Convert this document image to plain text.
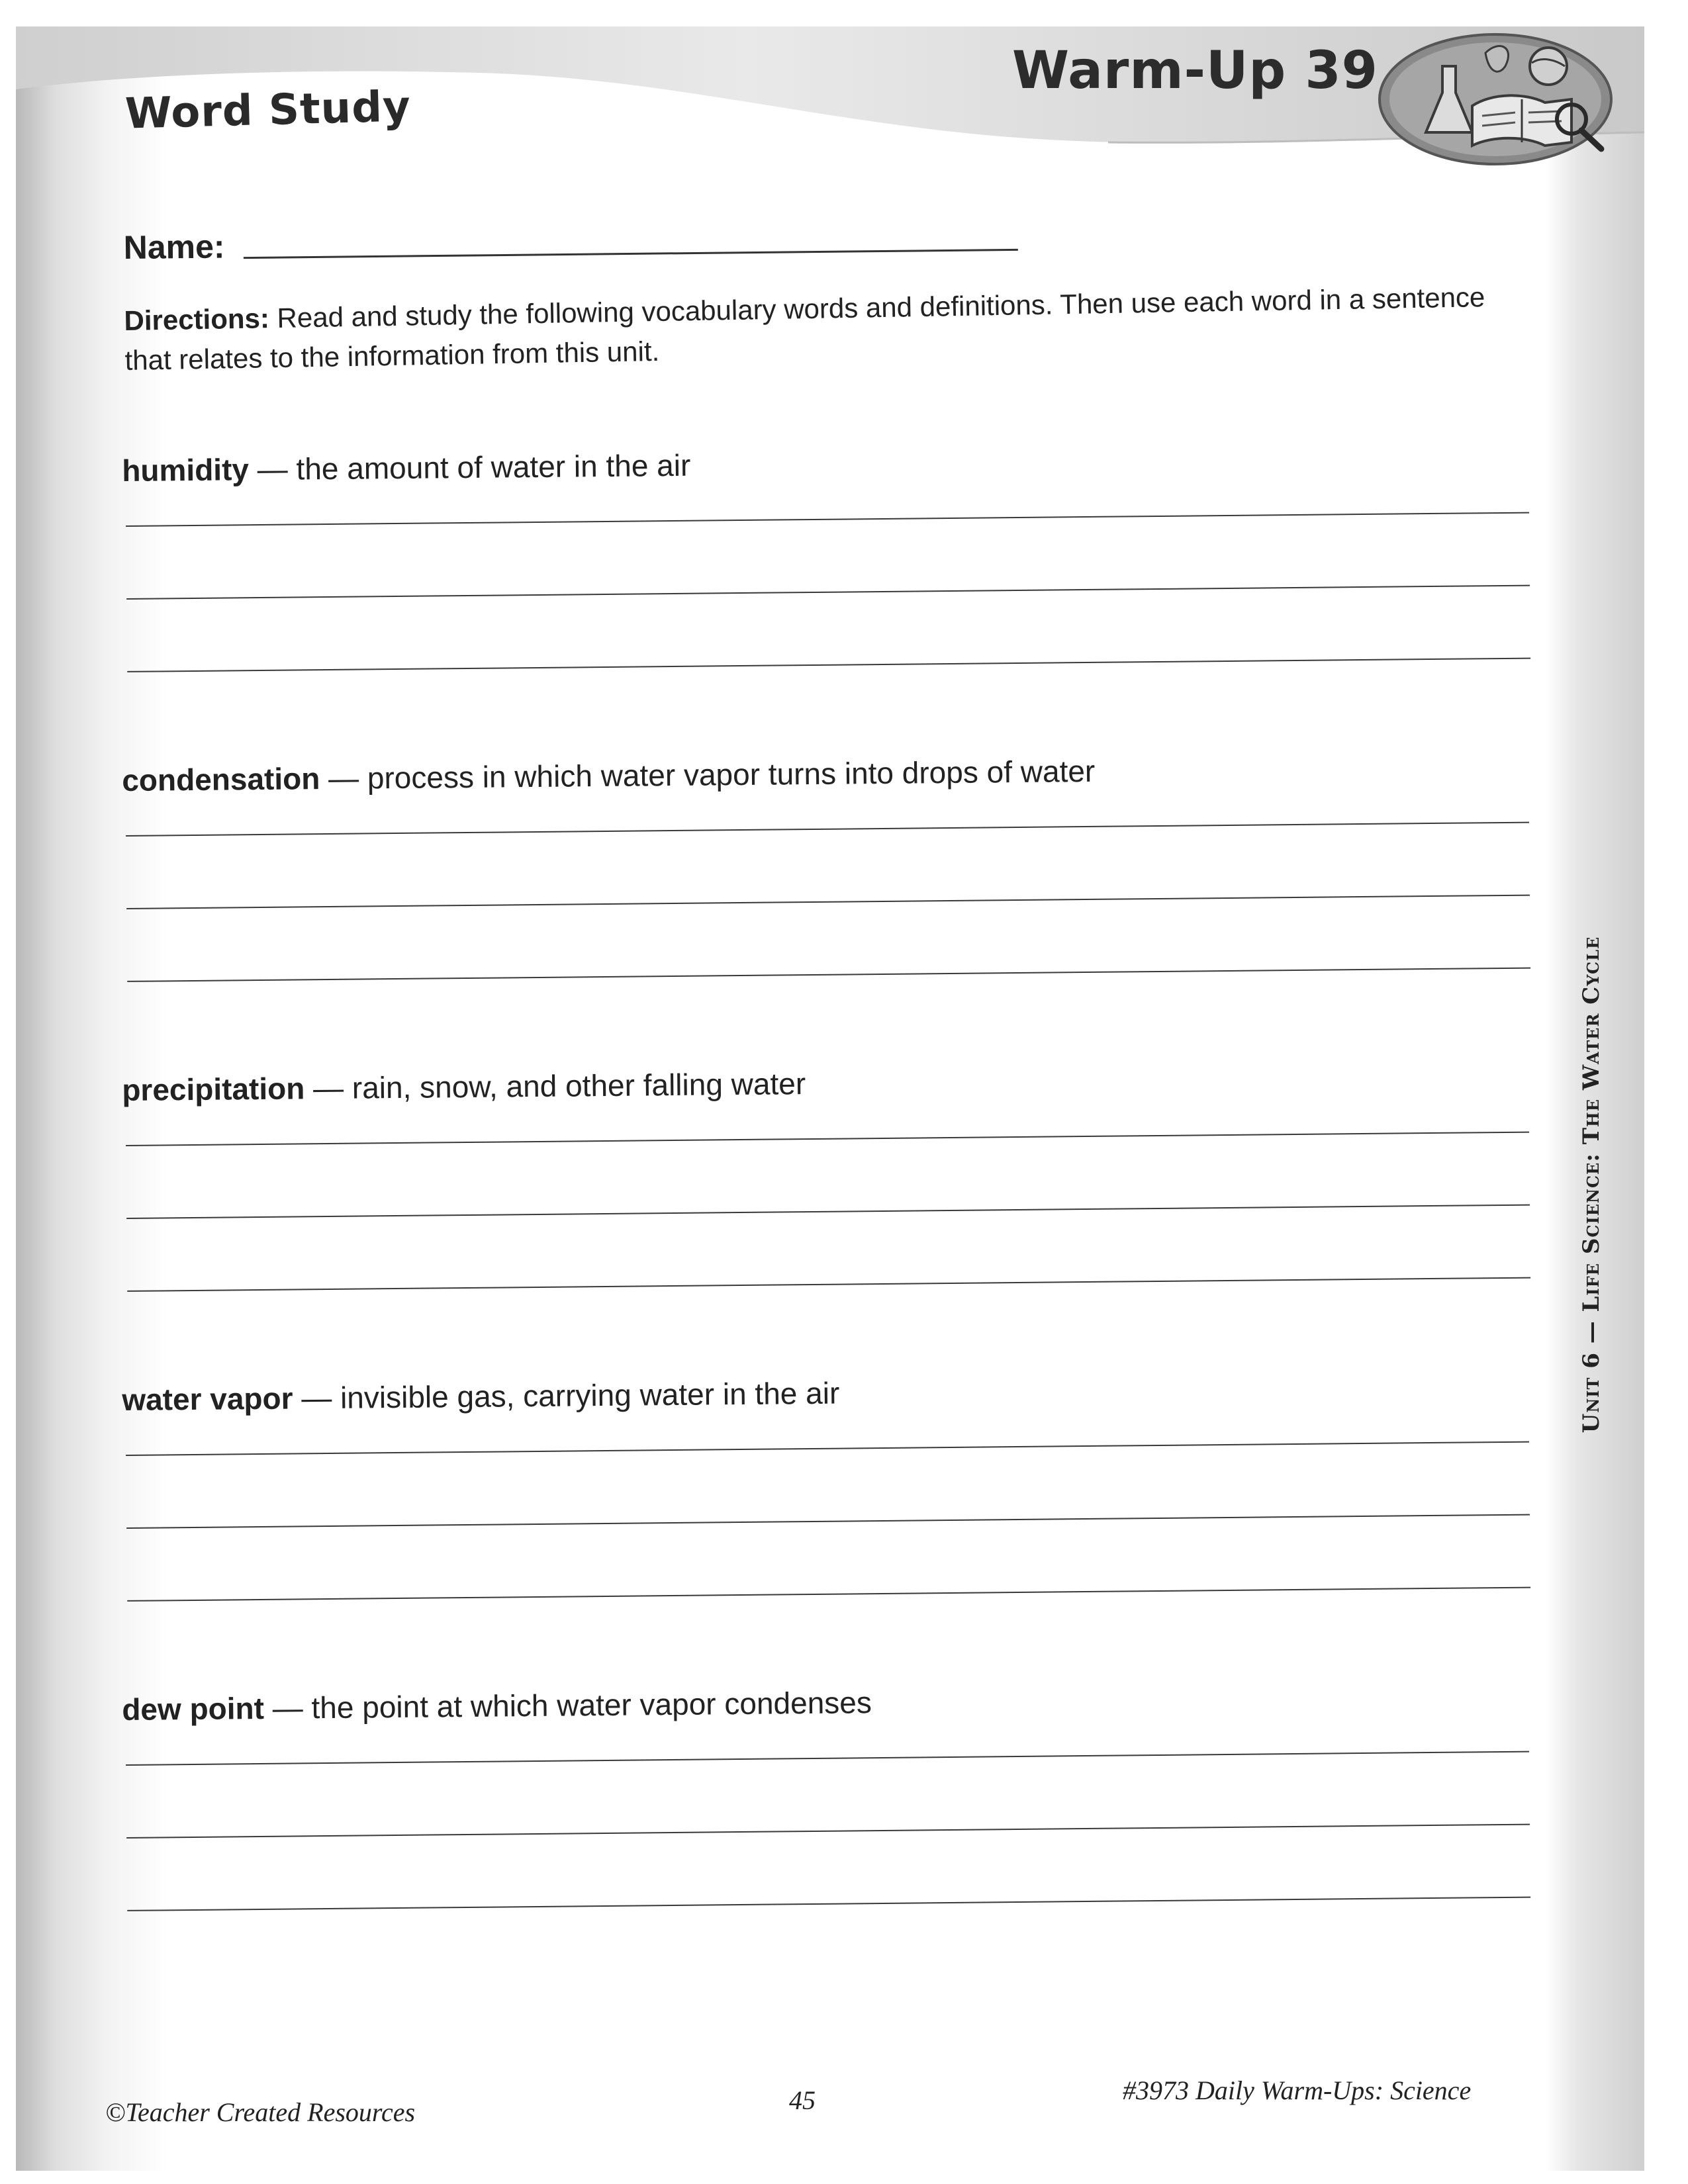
Word Study
Warm-Up 39
Name:
Directions: Read and study the following vocabulary words and definitions. Then use each word in a sentence that relates to the information from this unit.
humidity — the amount of water in the air
condensation — process in which water vapor turns into drops of water
precipitation — rain, snow, and other falling water
water vapor — invisible gas, carrying water in the air
dew point — the point at which water vapor condenses
Unit 6 — Life Science: The Water Cycle
©Teacher Created Resources	45	#3973 Daily Warm-Ups: Science
